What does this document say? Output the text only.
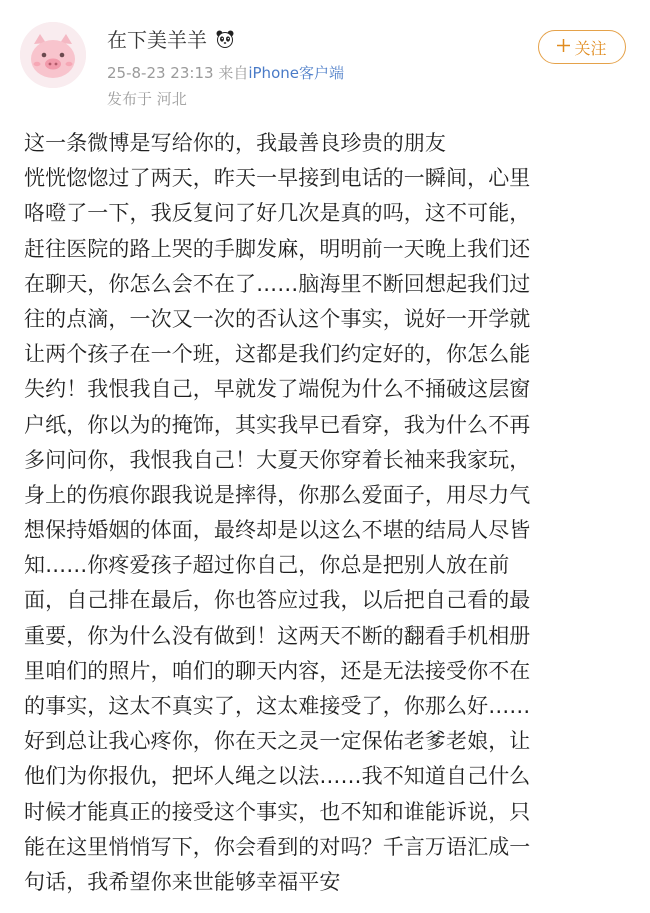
在下美羊羊
25-8-23 23:13 来自iPhone客户端
发布于 河北
关注
这一条微博是写给你的，我最善良珍贵的朋友
恍恍惚惚过了两天，昨天一早接到电话的一瞬间，心里
咯噔了一下，我反复问了好几次是真的吗，这不可能，
赶往医院的路上哭的手脚发麻，明明前一天晚上我们还
在聊天，你怎么会不在了……脑海里不断回想起我们过
往的点滴，一次又一次的否认这个事实，说好一开学就
让两个孩子在一个班，这都是我们约定好的，你怎么能
失约！我恨我自己，早就发了端倪为什么不捅破这层窗
户纸，你以为的掩饰，其实我早已看穿，我为什么不再
多问问你，我恨我自己！大夏天你穿着长袖来我家玩，
身上的伤痕你跟我说是摔得，你那么爱面子，用尽力气
想保持婚姻的体面，最终却是以这么不堪的结局人尽皆
知……你疼爱孩子超过你自己，你总是把别人放在前
面，自己排在最后，你也答应过我，以后把自己看的最
重要，你为什么没有做到！这两天不断的翻看手机相册
里咱们的照片，咱们的聊天内容，还是无法接受你不在
的事实，这太不真实了，这太难接受了，你那么好……
好到总让我心疼你，你在天之灵一定保佑老爹老娘，让
他们为你报仇，把坏人绳之以法……我不知道自己什么
时候才能真正的接受这个事实，也不知和谁能诉说，只
能在这里悄悄写下，你会看到的对吗？千言万语汇成一
句话，我希望你来世能够幸福平安
